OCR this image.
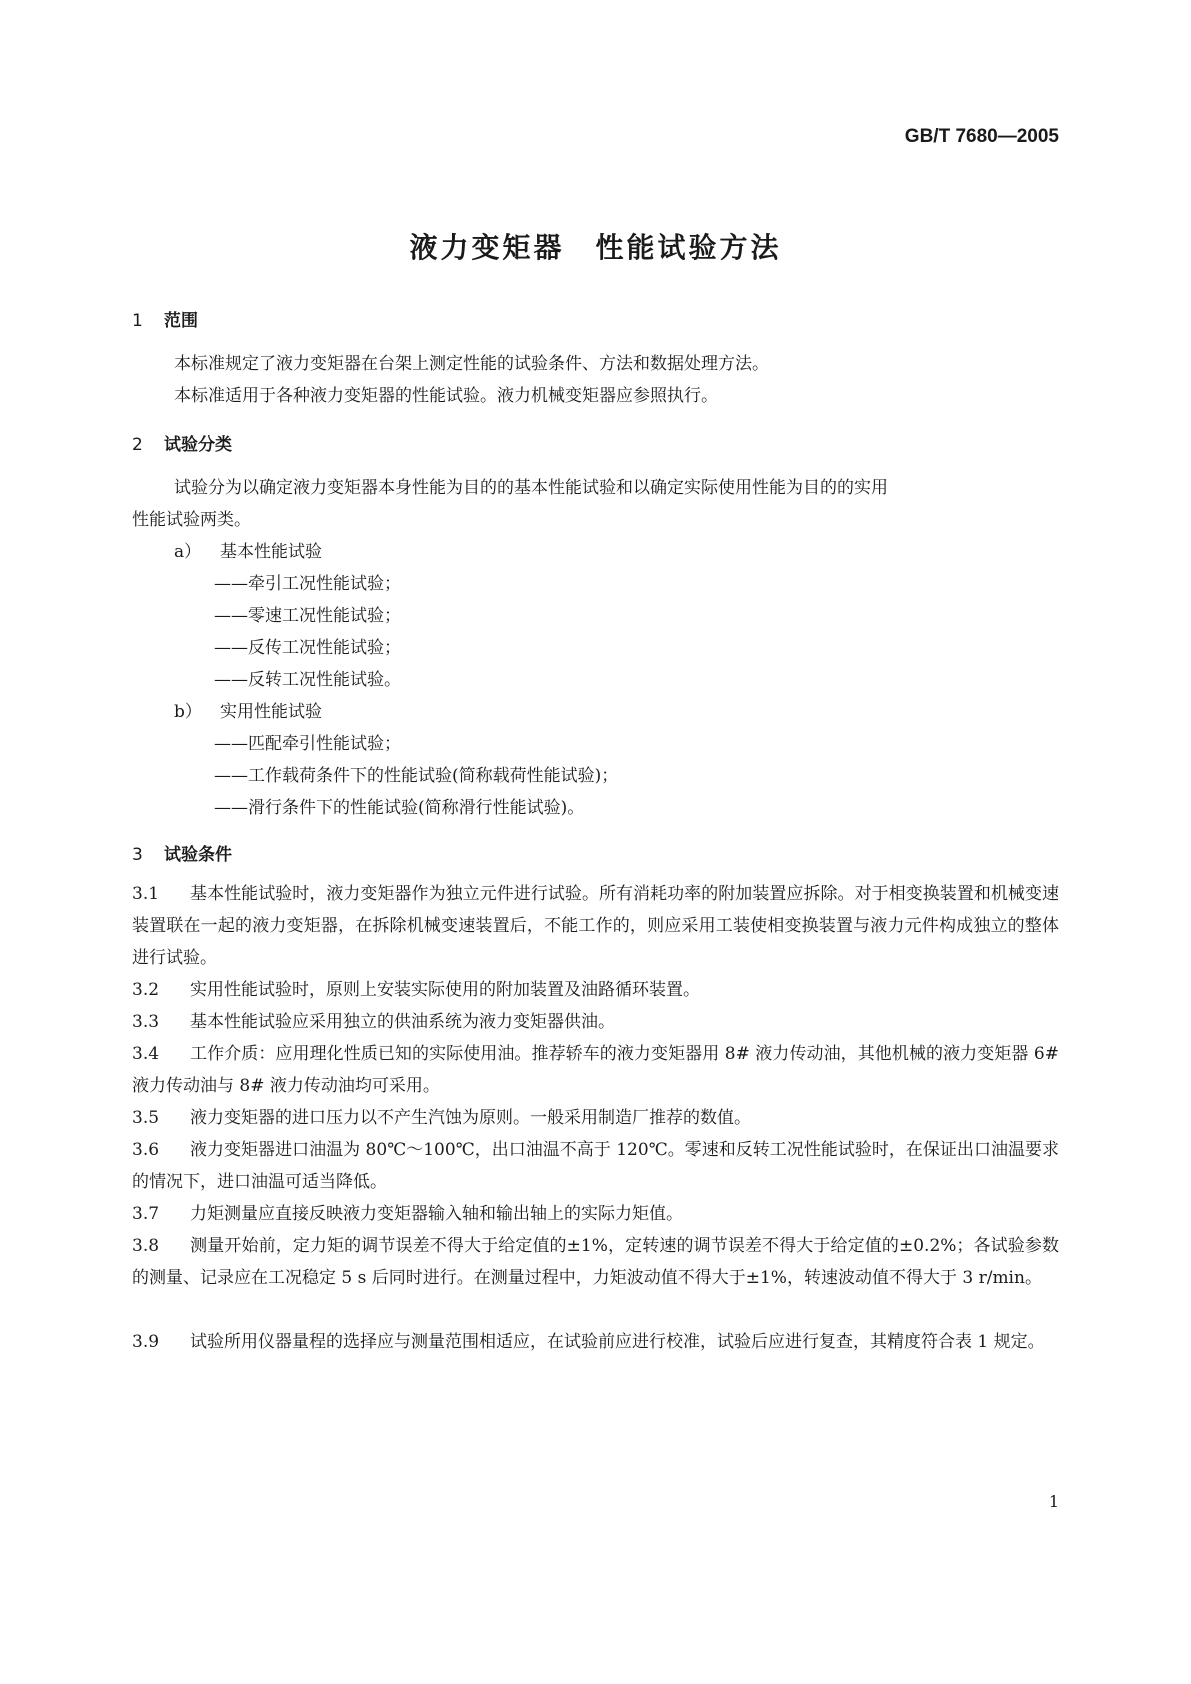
GB/T 7680—2005

液力变矩器　性能试验方法
1 范围

本标准规定了液力变矩器在台架上测定性能的试验条件、方法和数据处理方法。

本标准适用于各种液力变矩器的性能试验。液力机械变矩器应参照执行。

2 试验分类

试验分为以确定液力变矩器本身性能为目的的基本性能试验和以确定实际使用性能为目的的实用

性能试验两类。

a） 基本性能试验

——牵引工况性能试验；

——零速工况性能试验；

——反传工况性能试验；

——反转工况性能试验。

b） 实用性能试验

——匹配牵引性能试验；

——工作载荷条件下的性能试验(简称载荷性能试验)；

——滑行条件下的性能试验(简称滑行性能试验)。

3 试验条件
3.1 基本性能试验时，液力变矩器作为独立元件进行试验。所有消耗功率的附加装置应拆除。对于相变换装置和机械变速装置联在一起的液力变矩器，在拆除机械变速装置后，不能工作的，则应采用工装使相变换装置与液力元件构成独立的整体进行试验。
3.2 实用性能试验时，原则上安装实际使用的附加装置及油路循环装置。
3.3 基本性能试验应采用独立的供油系统为液力变矩器供油。
3.4 工作介质：应用理化性质已知的实际使用油。推荐轿车的液力变矩器用 8# 液力传动油，其他机械的液力变矩器 6# 液力传动油与 8# 液力传动油均可采用。
3.5 液力变矩器的进口压力以不产生汽蚀为原则。一般采用制造厂推荐的数值。
3.6 液力变矩器进口油温为 80℃～100℃，出口油温不高于 120℃。零速和反转工况性能试验时，在保证出口油温要求的情况下，进口油温可适当降低。
3.7 力矩测量应直接反映液力变矩器输入轴和输出轴上的实际力矩值。
3.8 测量开始前，定力矩的调节误差不得大于给定值的±1%，定转速的调节误差不得大于给定值的±0.2%；各试验参数的测量、记录应在工况稳定 5 s 后同时进行。在测量过程中，力矩波动值不得大于±1%，转速波动值不得大于 3 r/min。
3.9 试验所用仪器量程的选择应与测量范围相适应，在试验前应进行校准，试验后应进行复查，其精度符合表 1 规定。

1
